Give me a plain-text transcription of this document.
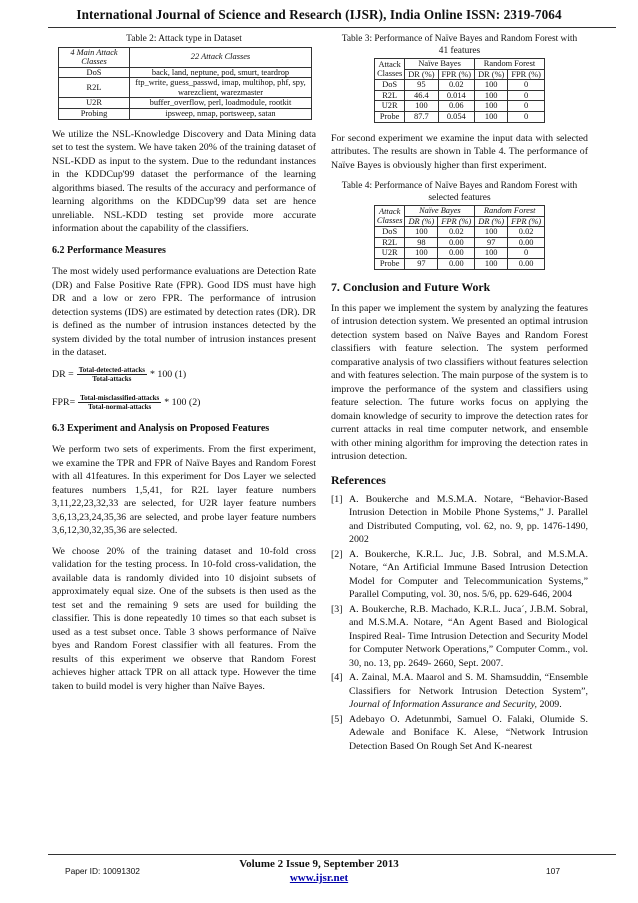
International Journal of Science and Research (IJSR), India Online ISSN: 2319-7064
Table 2: Attack type in Dataset
4 Main Attack Classes	22 Attack Classes
DoS	back, land, neptune, pod, smurt, teardrop
R2L	ftp_write, guess_passwd, imap, multihop, phf, spy, warezclient, warezmaster
U2R	buffer_overflow, perl, loadmodule, rootkit
Probing	ipsweep, nmap, portsweep, satan

We utilize the NSL-Knowledge Discovery and Data Mining data set to test the system. We have taken 20% of the training dataset of NSL-KDD as input to the system. Due to the redundant instances in the KDDCup'99 dataset the performance of the learning algorithms biased. The results of the accuracy and performance of learning algorithms on the KDDCup'99 data set are hence unreliable. NSL-KDD testing set provide more accurate information about the capability of the classifiers.

6.2 Performance Measures

The most widely used performance evaluations are Detection Rate (DR) and False Positive Rate (FPR). Good IDS must have high DR and a low or zero FPR. The performance of intrusion detection systems (IDS) are estimated by detection rates (DR). DR is defined as the number of intrusion instances detected by the system divided by the total number of intrusion instances present in the dataset.

DR = $\frac{\text{Total-detected-attacks}}{\text{Total-attacks}} * 100$ (1)
$FPR= \frac{\text{Total-misclassified-attacks}}{\text{Total-normal-attacks}} * 100$ (2)
6.3 Experiment and Analysis on Proposed Features

We perform two sets of experiments. From the first experiment, we examine the TPR and FPR of Naïve Bayes and Random Forest with all 41features. In this experiment for Dos Layer we selected features numbers 1,5,41, for R2L layer feature numbers 3,11,22,23,32,33 are selected, for U2R layer feature numbers 3,6,13,23,24,35,36 are selected, and probe layer feature numbers 3,6,12,30,32,35,36 are selected.

We choose 20% of the training dataset and 10-fold cross validation for the testing process. In 10-fold cross-validation, the available data is randomly divided into 10 disjoint subsets of approximately equal size. One of the subsets is then used as the test set and the remaining 9 sets are used for building the classifier. This is done repeatedly 10 times so that each subset is used as a test subset once. Table 3 shows performance of Naïve byes and Random Forest classifier with all features. From the results of this experiment we observe that Random Forest achieves higher attack TPR on all attack type. However the time taken to build model is very higher than Naïve Bayes.

Table 3: Performance of Naïve Bayes and Random Forest with 41 features
Attack
Classes	Naïve Bayes		Random Forest	
	DR (%)	FPR (%)	DR (%)	FPR (%)
DoS	95	0.02	100	0
R2L	46.4	0.014	100	0
U2R	100	0.06	100	0
Probe	87.7	0.054	100	0

For second experiment we examine the input data with selected attributes. The results are shown in Table 4. The performance of Naïve Bayes is obviously higher than first experiment.

Table 4: Performance of Naïve Bayes and Random Forest with selected features
Attack
Classes	Naïve Bayes		Random Forest	
	DR (%)	FPR (%)	DR (%)	FPR (%)
DoS	100	0.02	100	0.02
R2L	98	0.00	97	0.00
U2R	100	0.00	100	0
Probe	97	0.00	100	0.00
7. Conclusion and Future Work

In this paper we implement the system by analyzing the features of intrusion detection system. We presented an optimal intrusion detection system based on Naïve Bayes and Random Forest classifiers with feature selection. The system performed comparative analysis of two classifiers without features selection and with features selection. The main purpose of the system is to improve the performance of the system and classifiers using feature selection. The future works focus on applying the domain knowledge of security to improve the detection rates for current attacks in real time computer network, and ensemble with other mining algorithm for improving the detection rates in intrusion detection.

References
[1] A. Boukerche and M.S.M.A. Notare, “Behavior-Based Intrusion Detection in Mobile Phone Systems,” J. Parallel and Distributed Computing, vol. 62, no. 9, pp. 1476-1490, 2002
[2] A. Boukerche, K.R.L. Juc, J.B. Sobral, and M.S.M.A. Notare, “An Artificial Immune Based Intrusion Detection Model for Computer and Telecommunication Systems,” Parallel Computing, vol. 30, nos. 5/6, pp. 629-646, 2004
[3] A. Boukerche, R.B. Machado, K.R.L. Juca´, J.B.M. Sobral, and M.S.M.A. Notare, “An Agent Based and Biological Inspired Real- Time Intrusion Detection and Security Model for Computer Network Operations,” Computer Comm., vol. 30, no. 13, pp. 2649- 2660, Sept. 2007.
[4] A. Zainal, M.A. Maarol and S. M. Shamsuddin, “Ensemble Classifiers for Network Intrusion Detection System”, Journal of Information Assurance and Security, 2009.
[5] Adebayo O. Adetunmbi, Samuel O. Falaki, Olumide S. Adewale and Boniface K. Alese, “Network Intrusion Detection Based On Rough Set And K-nearest
Volume 2 Issue 9, September 2013
www.ijsr.net
Paper ID: 10091302	107
